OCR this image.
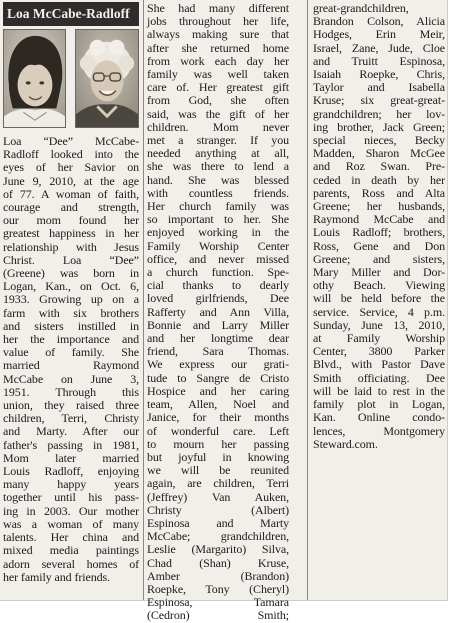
Loa McCabe-Radloff
Loa “Dee” McCabe-
Radloff looked into the
eyes of her Savior on
June 9, 2010, at the age
of 77. A woman of faith,
courage and strength,
our mom found her
greatest happiness in her
relationship with Jesus
Christ. Loa “Dee”
(Greene) was born in
Logan, Kan., on Oct. 6,
1933. Growing up on a
farm with six brothers
and sisters instilled in
her the importance and
value of family. She
married Raymond
McCabe on June 3,
1951. Through this
union, they raised three
children, Terri, Christy
and Marty. After our
father's passing in 1981,
Mom later married
Louis Radloff, enjoying
many happy years
together until his pass-
ing in 2003. Our mother
was a woman of many
talents. Her china and
mixed media paintings
adorn several homes of
her family and friends.
She had many different
jobs throughout her life,
always making sure that
after she returned home
from work each day her
family was well taken
care of. Her greatest gift
from God, she often
said, was the gift of her
children. Mom never
met a stranger. If you
needed anything at all,
she was there to lend a
hand. She was blessed
with countless friends.
Her church family was
so important to her. She
enjoyed working in the
Family Worship Center
office, and never missed
a church function. Spe-
cial thanks to dearly
loved girlfriends, Dee
Rafferty and Ann Villa,
Bonnie and Larry Miller
and her longtime dear
friend, Sara Thomas.
We express our grati-
tude to Sangre de Cristo
Hospice and her caring
team, Allen, Noel and
Janice, for their months
of wonderful care. Left
to mourn her passing
but joyful in knowing
we will be reunited
again, are children, Terri
(Jeffrey) Van Auken,
Christy (Albert)
Espinosa and Marty
McCabe; grandchildren,
Leslie (Margarito) Silva,
Chad (Shan) Kruse,
Amber (Brandon)
Roepke, Tony (Cheryl)
Espinosa, Tamara
(Cedron) Smith;
great-grandchildren,
Brandon Colson, Alicia
Hodges, Erin Meir,
Israel, Zane, Jude, Cloe
and Truitt Espinosa,
Isaiah Roepke, Chris,
Taylor and Isabella
Kruse; six great-great-
grandchildren; her lov-
ing brother, Jack Green;
special nieces, Becky
Madden, Sharon McGee
and Roz Swan. Pre-
ceded in death by her
parents, Ross and Alta
Greene; her husbands,
Raymond McCabe and
Louis Radloff; brothers,
Ross, Gene and Don
Greene; and sisters,
Mary Miller and Dor-
othy Beach. Viewing
will be held before the
service. Service, 4 p.m.
Sunday, June 13, 2010,
at Family Worship
Center, 3800 Parker
Blvd., with Pastor Dave
Smith officiating. Dee
will be laid to rest in the
family plot in Logan,
Kan. Online condo-
lences, Montgomery
Steward.com.
